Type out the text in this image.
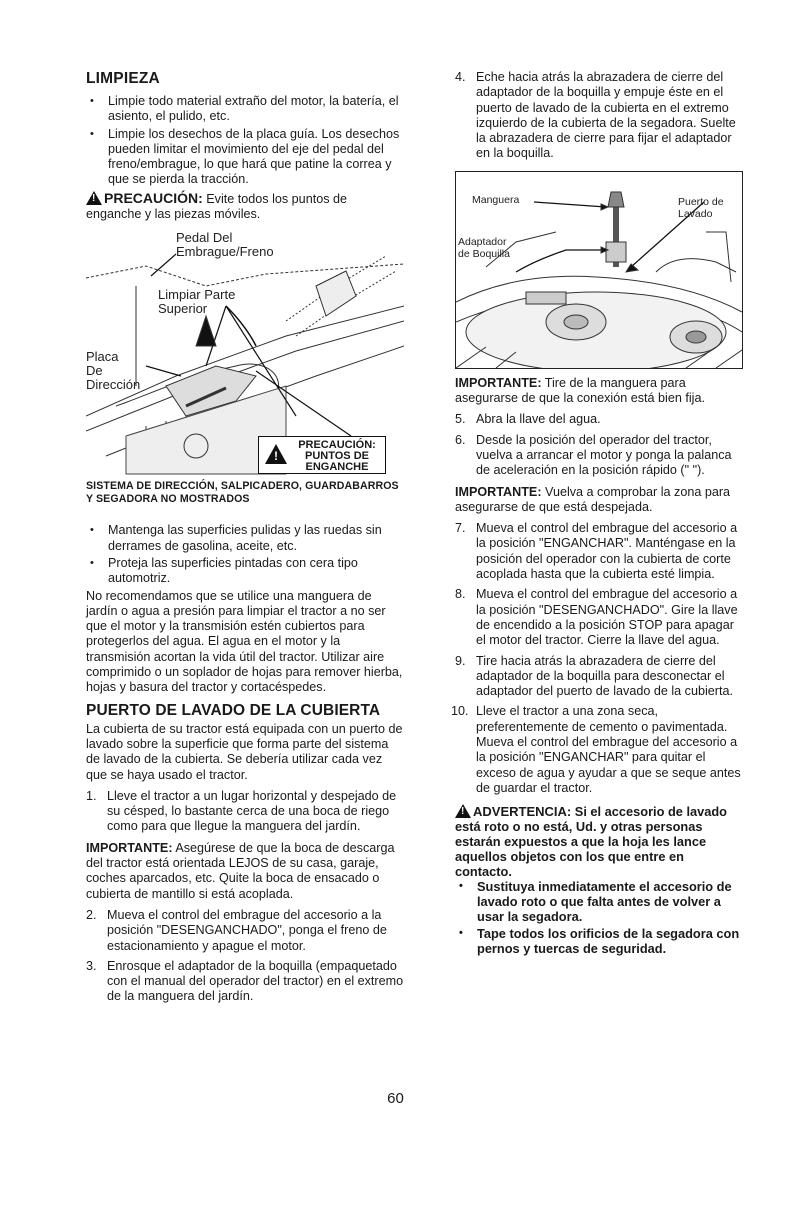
LIMPIEZA
• Limpie todo material extraño del motor, la batería, el asiento, el pulido, etc.
• Limpie los desechos de la placa guía. Los desechos pueden limitar el movimiento del eje del pedal del freno/embrague, lo que hará que patine la correa y que se pierda la tracción.

!PRECAUCIÓN: Evite todos los puntos de enganche y las piezas móviles.

Pedal Del
Embrague/Freno
Limpiar Parte
Superior
Placa
De
Dirección
!
PRECAUCIÓN:
PUNTOS DE
ENGANCHE
SISTEMA DE DIRECCIÓN, SALPICADERO, GUARDABARROS Y SEGADORA NO MOSTRADOS
• Mantenga las superficies pulidas y las ruedas sin derrames de gasolina, aceite, etc.
• Proteja las superficies pintadas con cera tipo automotriz.

No recomendamos que se utilice una manguera de jardín o agua a presión para limpiar el tractor a no ser que el motor y la transmisión estén cubiertos para protegerlos del agua. El agua en el motor y la transmisión acortan la vida útil del tractor. Utilizar aire comprimido o un soplador de hojas para remover hierba, hojas y basura del tractor y cortacéspedes.

PUERTO DE LAVADO DE LA CUBIERTA

La cubierta de su tractor está equipada con un puerto de lavado sobre la superficie que forma parte del sistema de lavado de la cubierta. Se debería utilizar cada vez que se haya usado el tractor.

1. Lleve el tractor a un lugar horizontal y despejado de su césped, lo bastante cerca de una boca de riego como para que llegue la manguera del jardín.

IMPORTANTE: Asegúrese de que la boca de descarga del tractor está orientada LEJOS de su casa, garaje, coches aparcados, etc. Quite la boca de ensacado o cubierta de mantillo si está acoplada.

2. Mueva el control del embrague del accesorio a la posición "DESENGANCHADO", ponga el freno de estacionamiento y apague el motor.
3. Enrosque el adaptador de la boquilla (empaquetado con el manual del operador del tractor) en el extremo de la manguera del jardín.
4. Eche hacia atrás la abrazadera de cierre del adaptador de la boquilla y empuje éste en el puerto de lavado de la cubierta en el extremo izquierdo de la cubierta de la segadora. Suelte la abrazadera de cierre para fijar el adaptador en la boquilla.
Manguera	Puerto de
Lavado
Adaptador
de Boquilla

IMPORTANTE: Tire de la manguera para asegurarse de que la conexión está bien fija.

5. Abra la llave del agua.
6. Desde la posición del operador del tractor, vuelva a arrancar el motor y ponga la palanca de aceleración en la posición rápido (" ").

IMPORTANTE: Vuelva a comprobar la zona para asegurarse de que está despejada.

7. Mueva el control del embrague del accesorio a la posición "ENGANCHAR". Manténgase en la posición del operador con la cubierta de corte acoplada hasta que la cubierta esté limpia.
8. Mueva el control del embrague del accesorio a la posición "DESENGANCHADO". Gire la llave de encendido a la posición STOP para apagar el motor del tractor. Cierre la llave del agua.
9. Tire hacia atrás la abrazadera de cierre del adaptador de la boquilla para desconectar el adaptador del puerto de lavado de la cubierta.
10. Lleve el tractor a una zona seca, preferentemente de cemento o pavimentada. Mueva el control del embrague del accesorio a la posición "ENGANCHAR" para quitar el exceso de agua y ayudar a que se seque antes de guardar el tractor.

!ADVERTENCIA: Si el accesorio de lavado está roto o no está, Ud. y otras personas estarán expuestos a que la hoja les lance aquellos objetos con los que entre en contacto.

• Sustituya inmediatamente el accesorio de lavado roto o que falta antes de volver a usar la segadora.
• Tape todos los orificios de la segadora con pernos y tuercas de seguridad.
60
